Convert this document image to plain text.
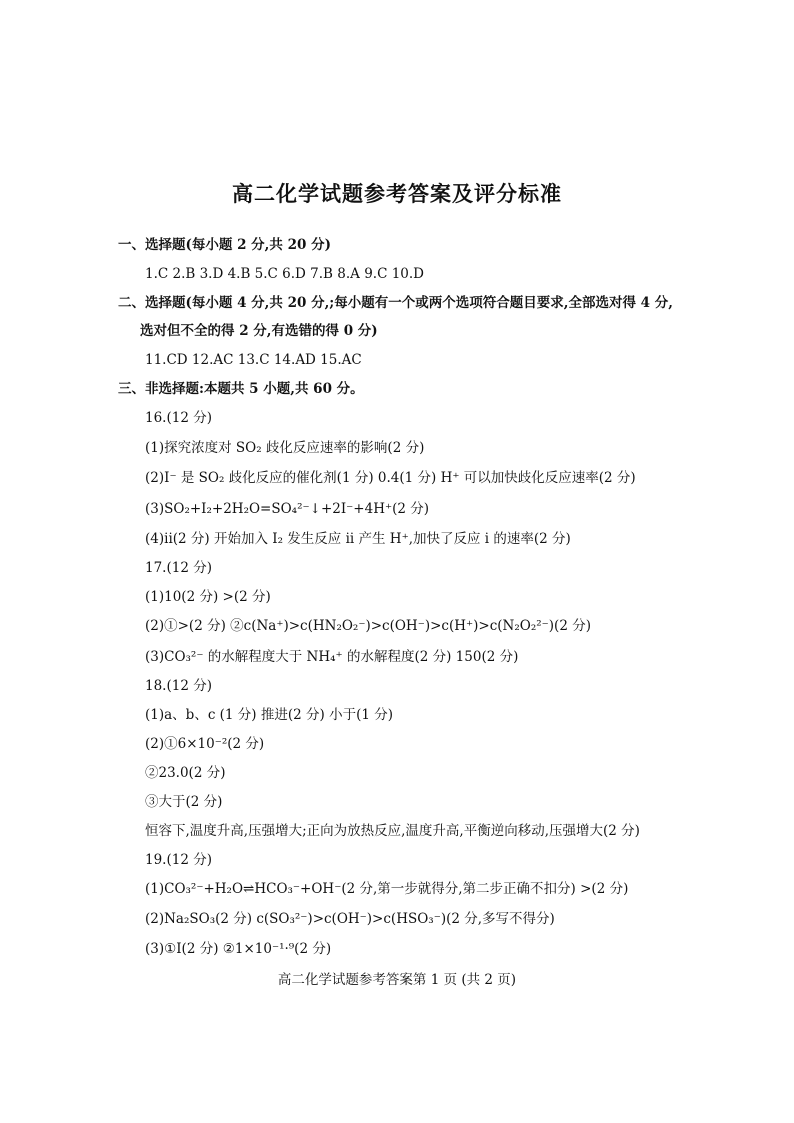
高二化学试题参考答案及评分标准
一、选择题(每小题 2 分,共 20 分)
1.C 2.B 3.D 4.B 5.C 6.D 7.B 8.A 9.C 10.D
二、选择题(每小题 4 分,共 20 分,;每小题有一个或两个选项符合题目要求,全部选对得 4 分,
选对但不全的得 2 分,有选错的得 0 分)
11.CD 12.AC 13.C 14.AD 15.AC
三、非选择题:本题共 5 小题,共 60 分。
16.(12 分)
(1)探究浓度对 SO₂ 歧化反应速率的影响(2 分)
(2)I⁻ 是 SO₂ 歧化反应的催化剂(1 分) 0.4(1 分) H⁺ 可以加快歧化反应速率(2 分)
(3)SO₂+I₂+2H₂O=SO₄²⁻↓+2I⁻+4H⁺(2 分)
(4)ii(2 分) 开始加入 I₂ 发生反应 ii 产生 H⁺,加快了反应 i 的速率(2 分)
17.(12 分)
(1)10(2 分) >(2 分)
(2)①>(2 分) ②c(Na⁺)>c(HN₂O₂⁻)>c(OH⁻)>c(H⁺)>c(N₂O₂²⁻)(2 分)
(3)CO₃²⁻ 的水解程度大于 NH₄⁺ 的水解程度(2 分) 150(2 分)
18.(12 分)
(1)a、b、c (1 分) 推进(2 分) 小于(1 分)
(2)①6×10⁻²(2 分)
②23.0(2 分)
③大于(2 分)
恒容下,温度升高,压强增大;正向为放热反应,温度升高,平衡逆向移动,压强增大(2 分)
19.(12 分)
(1)CO₃²⁻+H₂O⇌HCO₃⁻+OH⁻(2 分,第一步就得分,第二步正确不扣分) >(2 分)
(2)Na₂SO₃(2 分) c(SO₃²⁻)>c(OH⁻)>c(HSO₃⁻)(2 分,多写不得分)
(3)①I(2 分) ②1×10⁻¹·⁹(2 分)
高二化学试题参考答案第 1 页 (共 2 页)
